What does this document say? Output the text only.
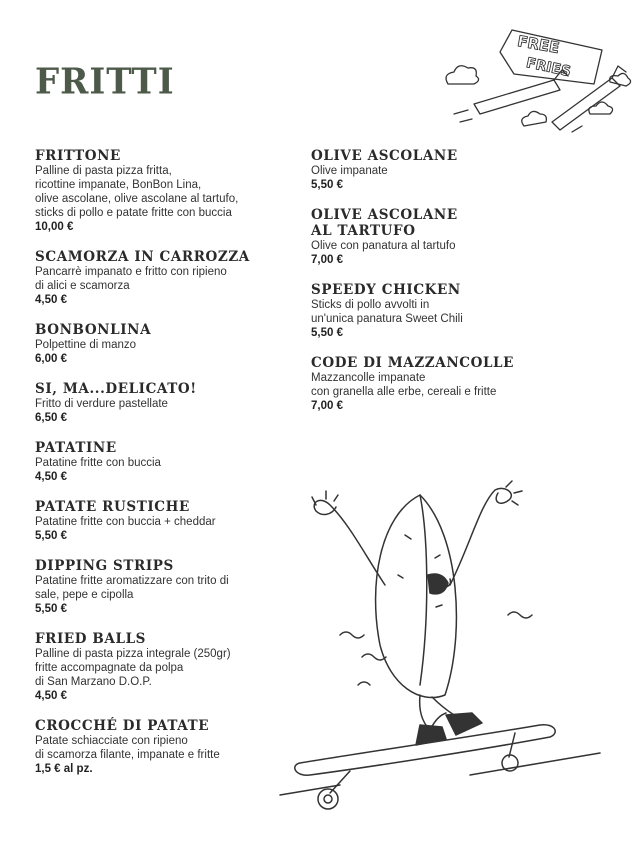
FRITTI
FREE
FRIES
FRITTONE
Palline di pasta pizza fritta,
ricottine impanate, BonBon Lina,
olive ascolane, olive ascolane al tartufo,
sticks di pollo e patate fritte con buccia
10,00 €
SCAMORZA IN CARROZZA
Pancarrè impanato e fritto con ripieno
di alici e scamorza
4,50 €
BONBONLINA
Polpettine di manzo
6,00 €
SI, MA...DELICATO!
Fritto di verdure pastellate
6,50 €
PATATINE
Patatine fritte con buccia
4,50 €
PATATE RUSTICHE
Patatine fritte con buccia + cheddar
5,50 €
DIPPING STRIPS
Patatine fritte aromatizzare con trito di
sale, pepe e cipolla
5,50 €
FRIED BALLS
Palline di pasta pizza integrale (250gr)
fritte accompagnate da polpa
di San Marzano D.O.P.
4,50 €
CROCCHÉ DI PATATE
Patate schiacciate con ripieno
di scamorza filante, impanate e fritte
1,5 € al pz.
OLIVE ASCOLANE
Olive impanate
5,50 €
OLIVE ASCOLANE
AL TARTUFO
Olive con panatura al tartufo
7,00 €
SPEEDY CHICKEN
Sticks di pollo avvolti in
un'unica panatura Sweet Chili
5,50 €
CODE DI MAZZANCOLLE
Mazzancolle impanate
con granella alle erbe, cereali e fritte
7,00 €
